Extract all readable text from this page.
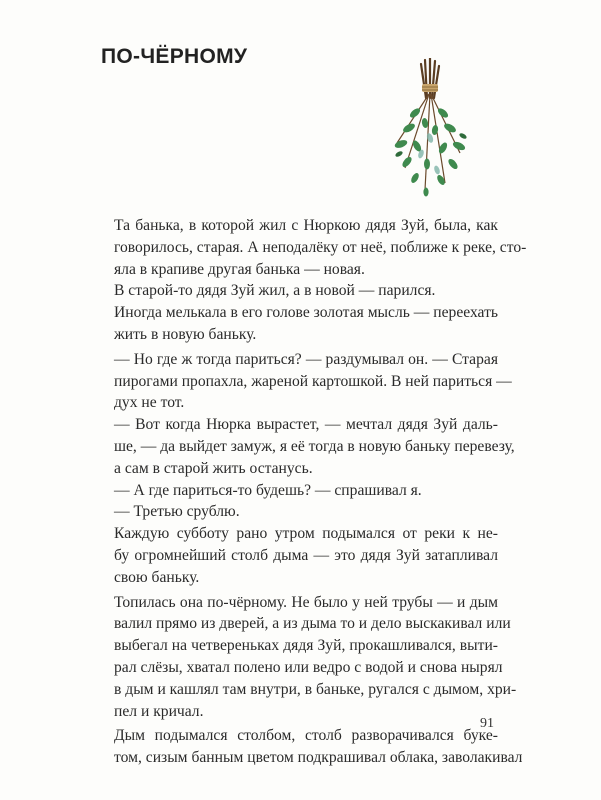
ПО-ЧЁРНОМУ

Та банька, в которой жил с Нюркою дядя Зуй, была, как
говорилось, старая. А неподалёку от неё, поближе к реке, сто-
яла в крапиве другая банька — новая.

В старой-то дядя Зуй жил, а в новой — парился.

Иногда мелькала в его голове золотая мысль — переехать
жить в новую баньку.

— Но где ж тогда париться? — раздумывал он. — Старая
пирогами пропахла, жареной картошкой. В ней париться —
дух не тот.

— Вот когда Нюрка вырастет, — мечтал дядя Зуй даль-
ше, — да выйдет замуж, я её тогда в новую баньку перевезу,
а сам в старой жить останусь.

— А где париться-то будешь? — спрашивал я.

— Третью срублю.

Каждую субботу рано утром подымался от реки к не-
бу огромнейший столб дыма — это дядя Зуй затапливал
свою баньку.

Топилась она по-чёрному. Не было у ней трубы — и дым
валил прямо из дверей, а из дыма то и дело выскакивал или
выбегал на четвереньках дядя Зуй, прокашливался, выти-
рал слёзы, хватал полено или ведро с водой и снова нырял
в дым и кашлял там внутри, в баньке, ругался с дымом, хри-
пел и кричал.

Дым подымался столбом, столб разворачивался буке-
том, сизым банным цветом подкрашивал облака, заволакивал

91
